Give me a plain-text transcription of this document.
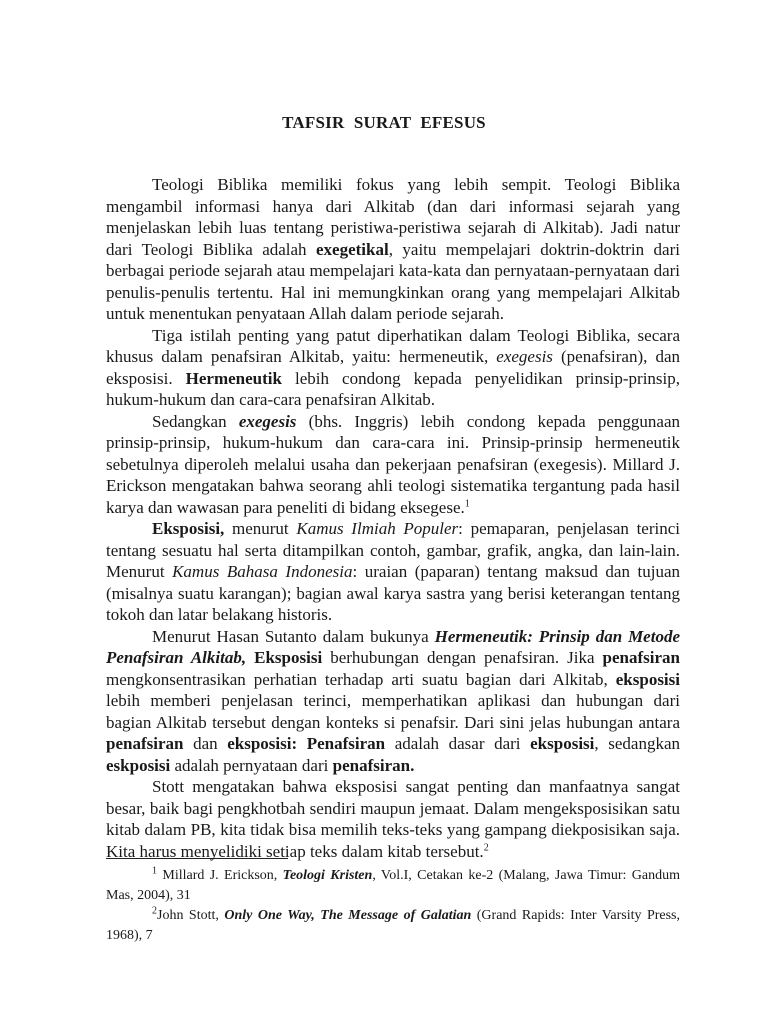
TAFSIR SURAT EFESUS

Teologi Biblika memiliki fokus yang lebih sempit. Teologi Biblika mengambil informasi hanya dari Alkitab (dan dari informasi sejarah yang menjelaskan lebih luas tentang peristiwa-peristiwa sejarah di Alkitab). Jadi natur dari Teologi Biblika adalah exegetikal, yaitu mempelajari doktrin-doktrin dari berbagai periode sejarah atau mempelajari kata-kata dan pernyataan-pernyataan dari penulis-penulis tertentu. Hal ini memungkinkan orang yang mempelajari Alkitab untuk menentukan penyataan Allah dalam periode sejarah.

Tiga istilah penting yang patut diperhatikan dalam Teologi Biblika, secara khusus dalam penafsiran Alkitab, yaitu: hermeneutik, exegesis (penafsiran), dan eksposisi. Hermeneutik lebih condong kepada penyelidikan prinsip-prinsip, hukum-hukum dan cara-cara penafsiran Alkitab.

Sedangkan exegesis (bhs. Inggris) lebih condong kepada penggunaan prinsip-prinsip, hukum-hukum dan cara-cara ini. Prinsip-prinsip hermeneutik sebetulnya diperoleh melalui usaha dan pekerjaan penafsiran (exegesis). Millard J. Erickson mengatakan bahwa seorang ahli teologi sistematika tergantung pada hasil karya dan wawasan para peneliti di bidang eksegese.$^1$

Eksposisi, menurut Kamus Ilmiah Populer: pemaparan, penjelasan terinci tentang sesuatu hal serta ditampilkan contoh, gambar, grafik, angka, dan lain-lain. Menurut Kamus Bahasa Indonesia: uraian (paparan) tentang maksud dan tujuan (misalnya suatu karangan); bagian awal karya sastra yang berisi keterangan tentang tokoh dan latar belakang historis.

Menurut Hasan Sutanto dalam bukunya Hermeneutik: Prinsip dan Metode Penafsiran Alkitab, Eksposisi berhubungan dengan penafsiran. Jika penafsiran mengkonsentrasikan perhatian terhadap arti suatu bagian dari Alkitab, eksposisi lebih memberi penjelasan terinci, memperhatikan aplikasi dan hubungan dari bagian Alkitab tersebut dengan konteks si penafsir. Dari sini jelas hubungan antara penafsiran dan eksposisi: Penafsiran adalah dasar dari eksposisi, sedangkan eskposisi adalah pernyataan dari penafsiran.

Stott mengatakan bahwa eksposisi sangat penting dan manfaatnya sangat besar, baik bagi pengkhotbah sendiri maupun jemaat. Dalam mengeksposisikan satu kitab dalam PB, kita tidak bisa memilih teks-teks yang gampang diekposisikan saja. Kita harus menyelidiki setiap teks dalam kitab tersebut.$^2$

$^1$ Millard J. Erickson, Teologi Kristen, Vol.I, Cetakan ke-2 (Malang, Jawa Timur: Gandum Mas, 2004), 31

$^2$John Stott, Only One Way, The Message of Galatian (Grand Rapids: Inter Varsity Press, 1968), 7
